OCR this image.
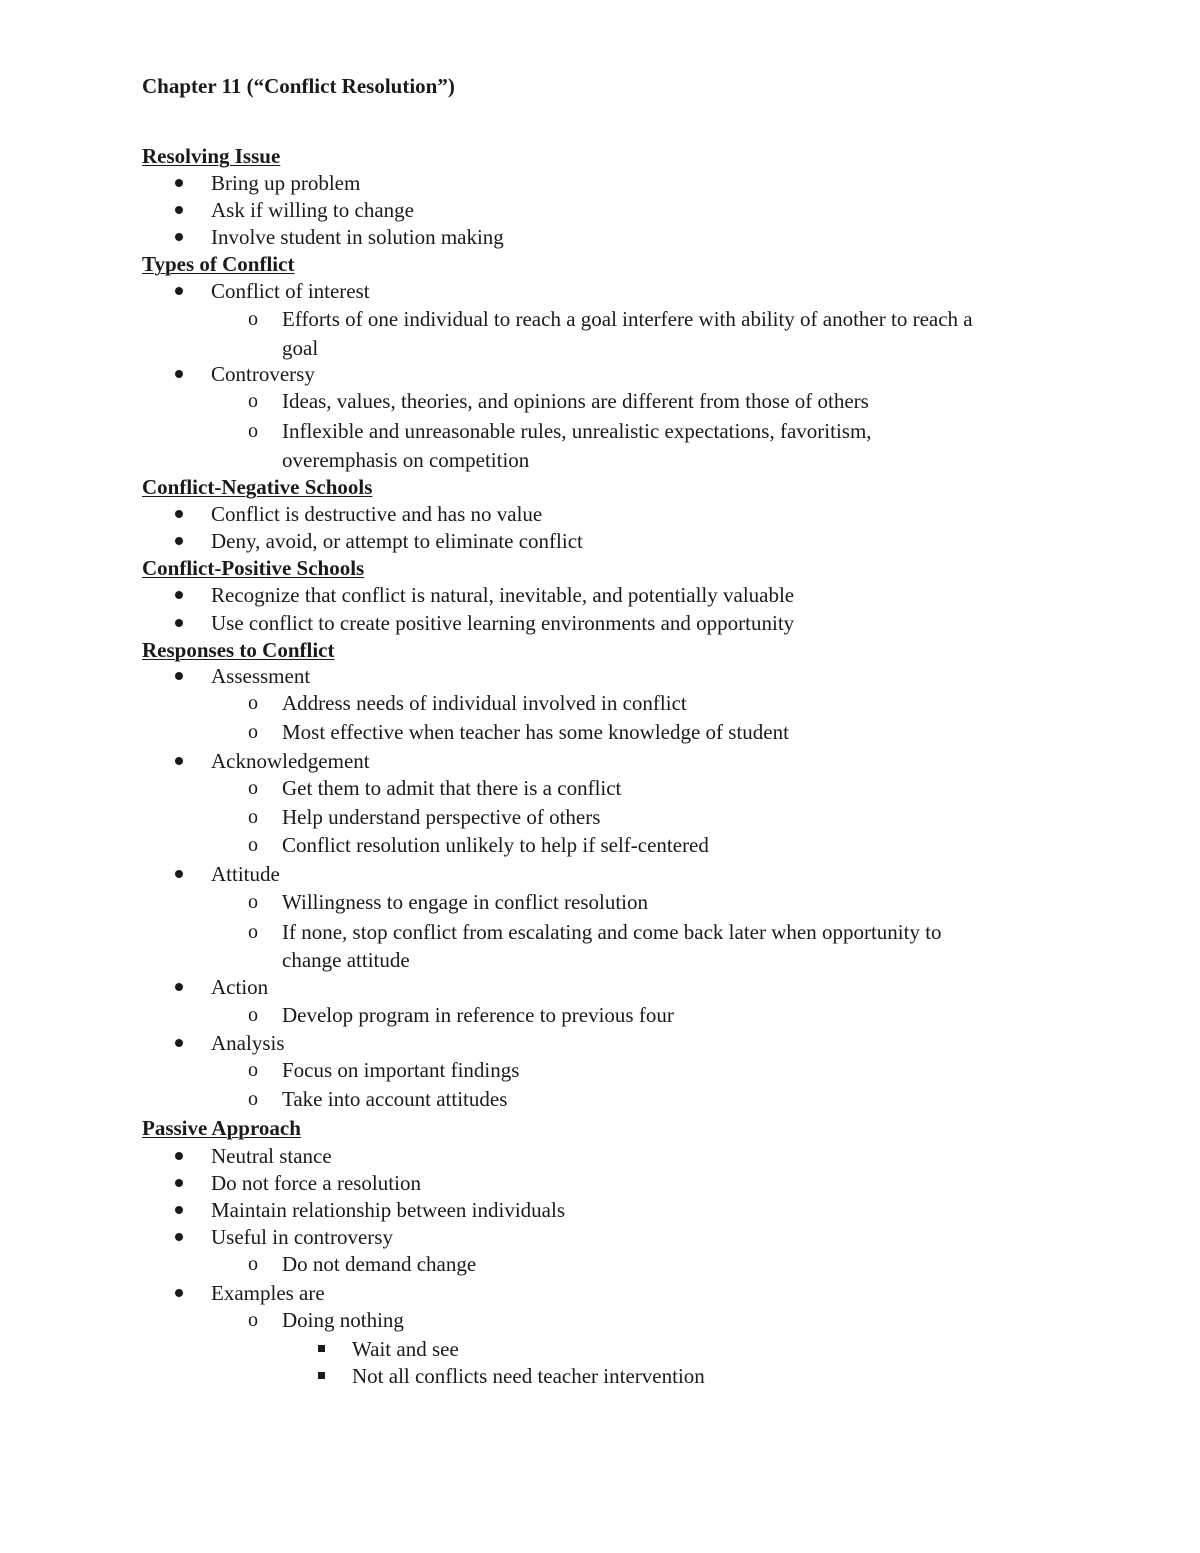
Chapter 11 (“Conflict Resolution”)
Resolving Issue
Bring up problem
Ask if willing to change
Involve student in solution making
Types of Conflict
Conflict of interest
o Efforts of one individual to reach a goal interfere with ability of another to reach a
goal
Controversy
o Ideas, values, theories, and opinions are different from those of others
o Inflexible and unreasonable rules, unrealistic expectations, favoritism,
overemphasis on competition
Conflict-Negative Schools
Conflict is destructive and has no value
Deny, avoid, or attempt to eliminate conflict
Conflict-Positive Schools
Recognize that conflict is natural, inevitable, and potentially valuable
Use conflict to create positive learning environments and opportunity
Responses to Conflict
Assessment
o Address needs of individual involved in conflict
o Most effective when teacher has some knowledge of student
Acknowledgement
o Get them to admit that there is a conflict
o Help understand perspective of others
o Conflict resolution unlikely to help if self-centered
Attitude
o Willingness to engage in conflict resolution
o If none, stop conflict from escalating and come back later when opportunity to
change attitude
Action
o Develop program in reference to previous four
Analysis
o Focus on important findings
o Take into account attitudes
Passive Approach
Neutral stance
Do not force a resolution
Maintain relationship between individuals
Useful in controversy
o Do not demand change
Examples are
o Doing nothing
Wait and see
Not all conflicts need teacher intervention
